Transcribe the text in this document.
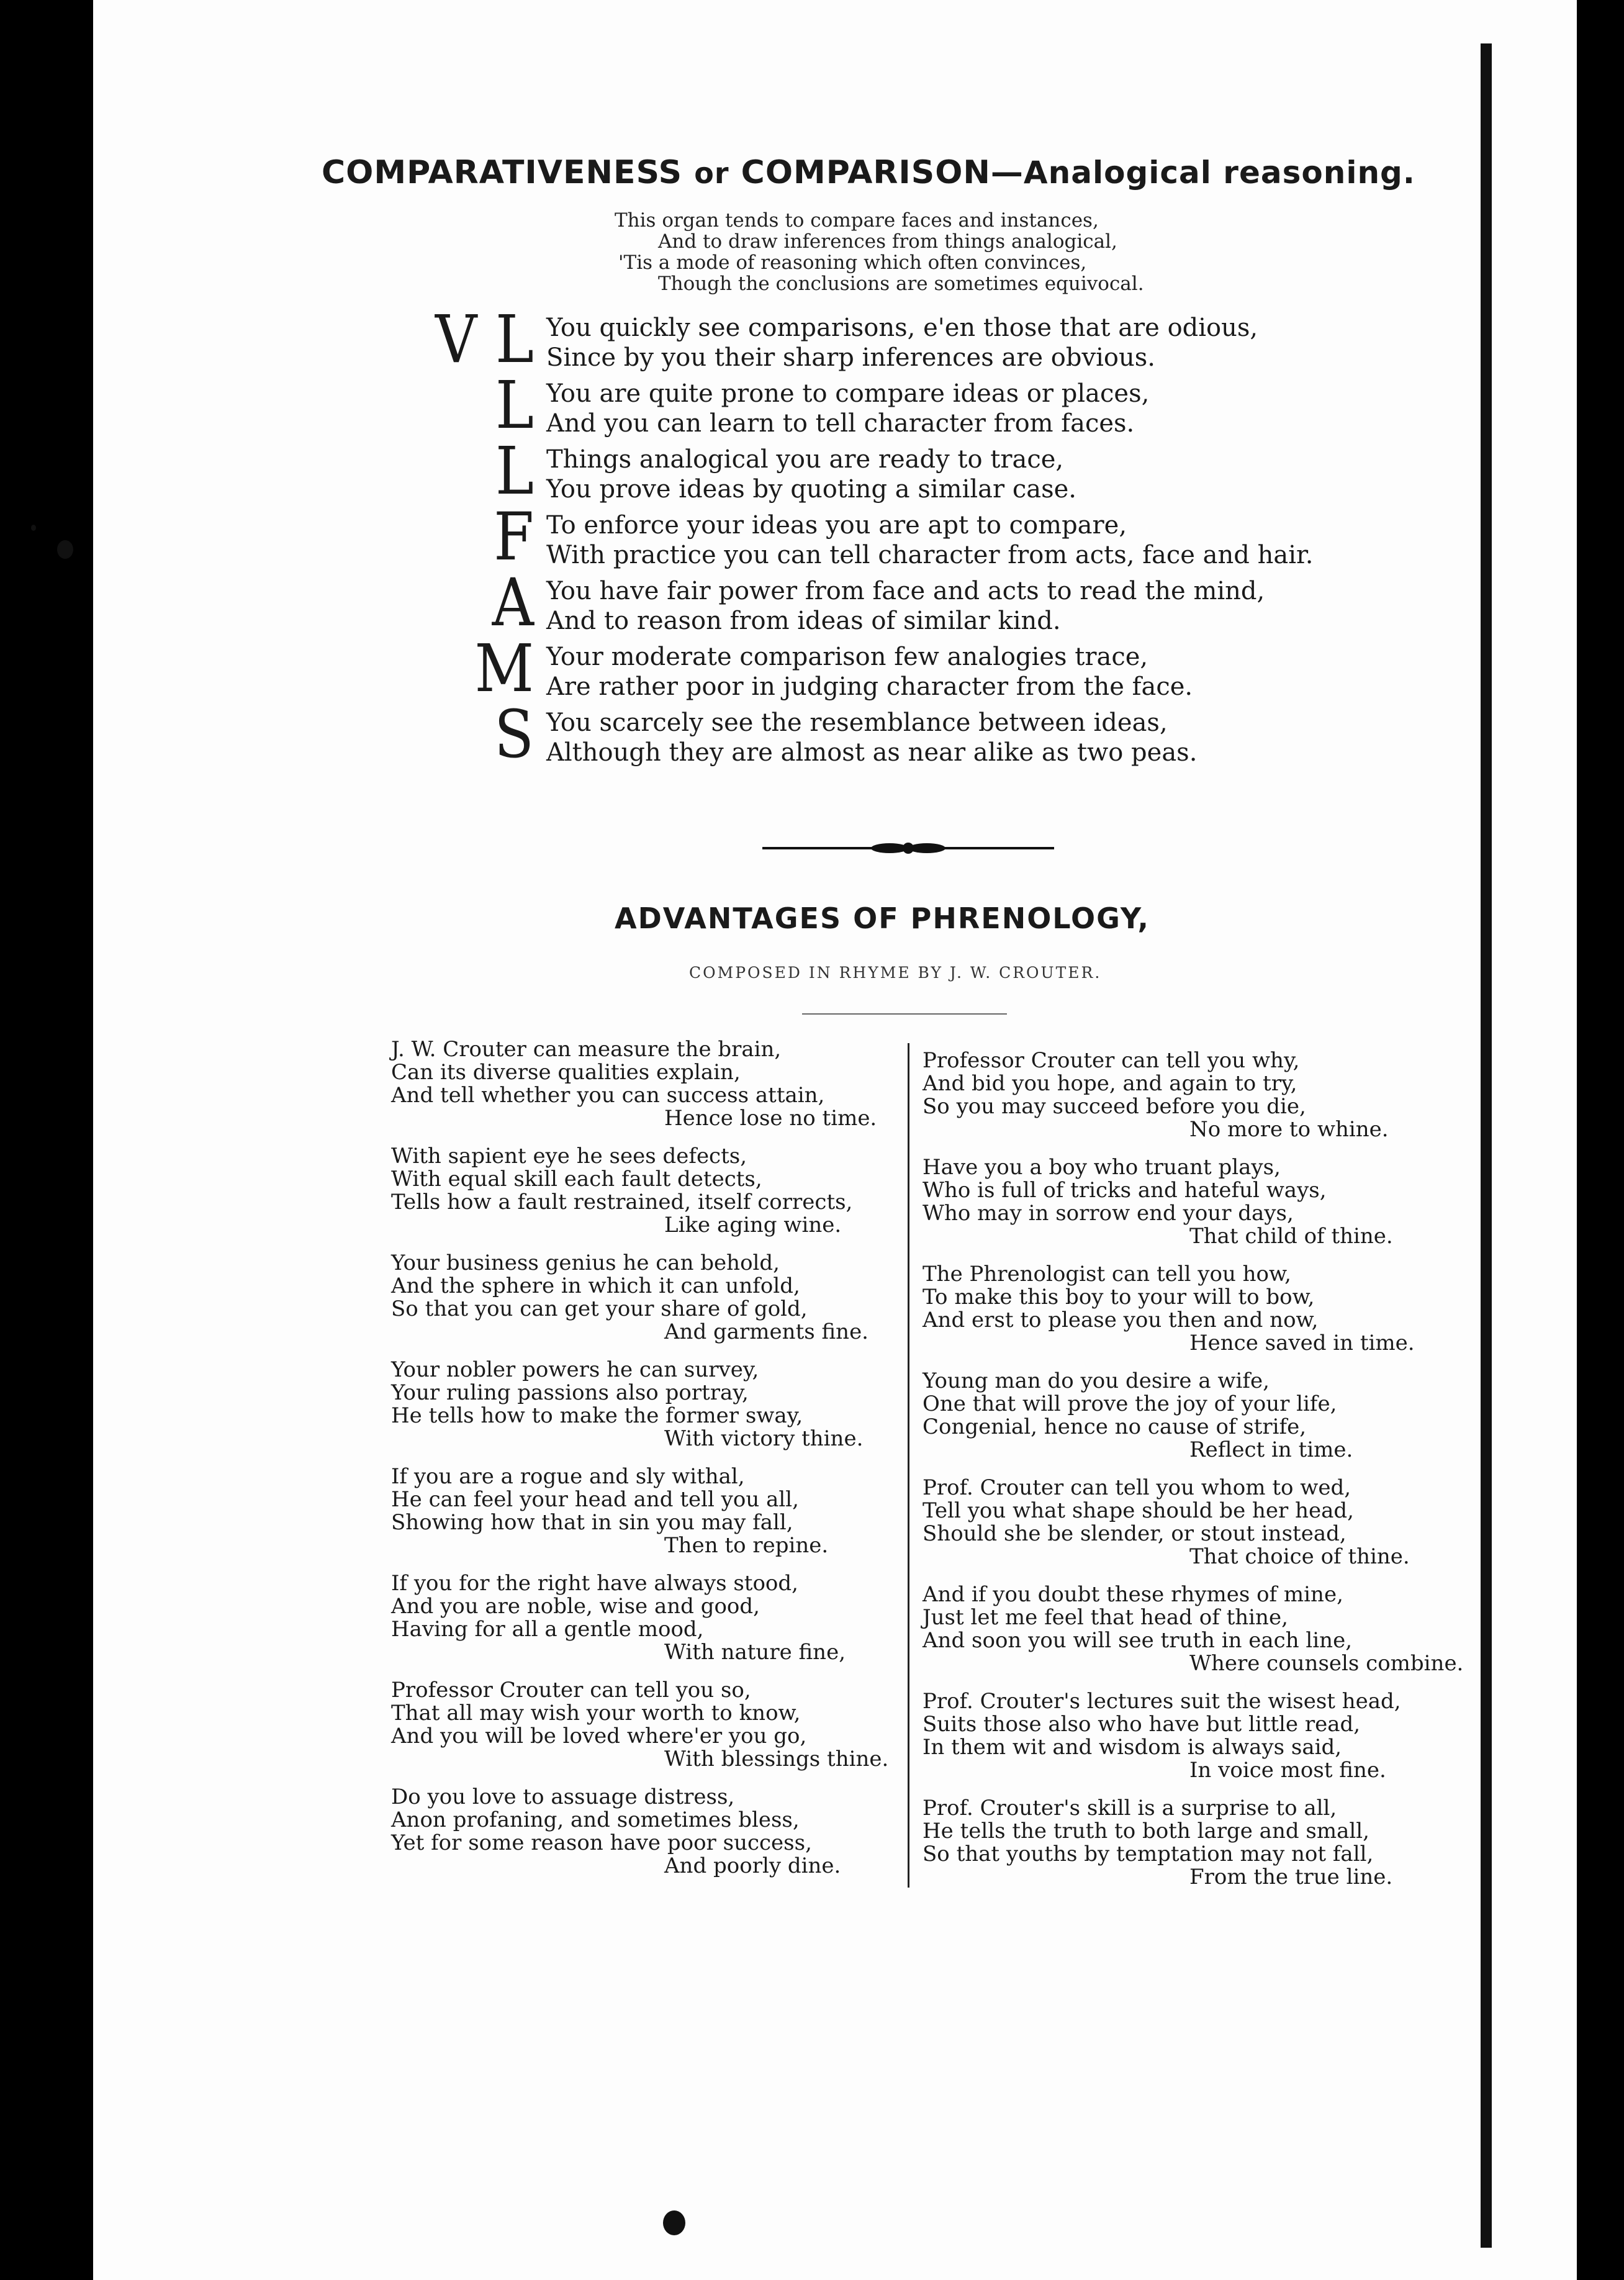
COMPARATIVENESS or COMPARISON—Analogical reasoning.
This organ tends to compare faces and instances,
And to draw inferences from things analogical,
'Tis a mode of reasoning which often convinces,
Though the conclusions are sometimes equivocal.
V L You quickly see comparisons, e'en those that are odious,
Since by you their sharp inferences are obvious.
L You are quite prone to compare ideas or places,
And you can learn to tell character from faces.
L Things analogical you are ready to trace,
You prove ideas by quoting a similar case.
F To enforce your ideas you are apt to compare,
With practice you can tell character from acts, face and hair.
A You have fair power from face and acts to read the mind,
And to reason from ideas of similar kind.
M Your moderate comparison few analogies trace,
Are rather poor in judging character from the face.
S You scarcely see the resemblance between ideas,
Although they are almost as near alike as two peas.
ADVANTAGES OF PHRENOLOGY,
COMPOSED IN RHYME BY J. W. CROUTER.
J. W. Crouter can measure the brain,
Can its diverse qualities explain,
And tell whether you can success attain,
Hence lose no time.
With sapient eye he sees defects,
With equal skill each fault detects,
Tells how a fault restrained, itself corrects,
Like aging wine.
Your business genius he can behold,
And the sphere in which it can unfold,
So that you can get your share of gold,
And garments fine.
Your nobler powers he can survey,
Your ruling passions also portray,
He tells how to make the former sway,
With victory thine.
If you are a rogue and sly withal,
He can feel your head and tell you all,
Showing how that in sin you may fall,
Then to repine.
If you for the right have always stood,
And you are noble, wise and good,
Having for all a gentle mood,
With nature fine,
Professor Crouter can tell you so,
That all may wish your worth to know,
And you will be loved where'er you go,
With blessings thine.
Do you love to assuage distress,
Anon profaning, and sometimes bless,
Yet for some reason have poor success,
And poorly dine.
Professor Crouter can tell you why,
And bid you hope, and again to try,
So you may succeed before you die,
No more to whine.
Have you a boy who truant plays,
Who is full of tricks and hateful ways,
Who may in sorrow end your days,
That child of thine.
The Phrenologist can tell you how,
To make this boy to your will to bow,
And erst to please you then and now,
Hence saved in time.
Young man do you desire a wife,
One that will prove the joy of your life,
Congenial, hence no cause of strife,
Reflect in time.
Prof. Crouter can tell you whom to wed,
Tell you what shape should be her head,
Should she be slender, or stout instead,
That choice of thine.
And if you doubt these rhymes of mine,
Just let me feel that head of thine,
And soon you will see truth in each line,
Where counsels combine.
Prof. Crouter's lectures suit the wisest head,
Suits those also who have but little read,
In them wit and wisdom is always said,
In voice most fine.
Prof. Crouter's skill is a surprise to all,
He tells the truth to both large and small,
So that youths by temptation may not fall,
From the true line.
